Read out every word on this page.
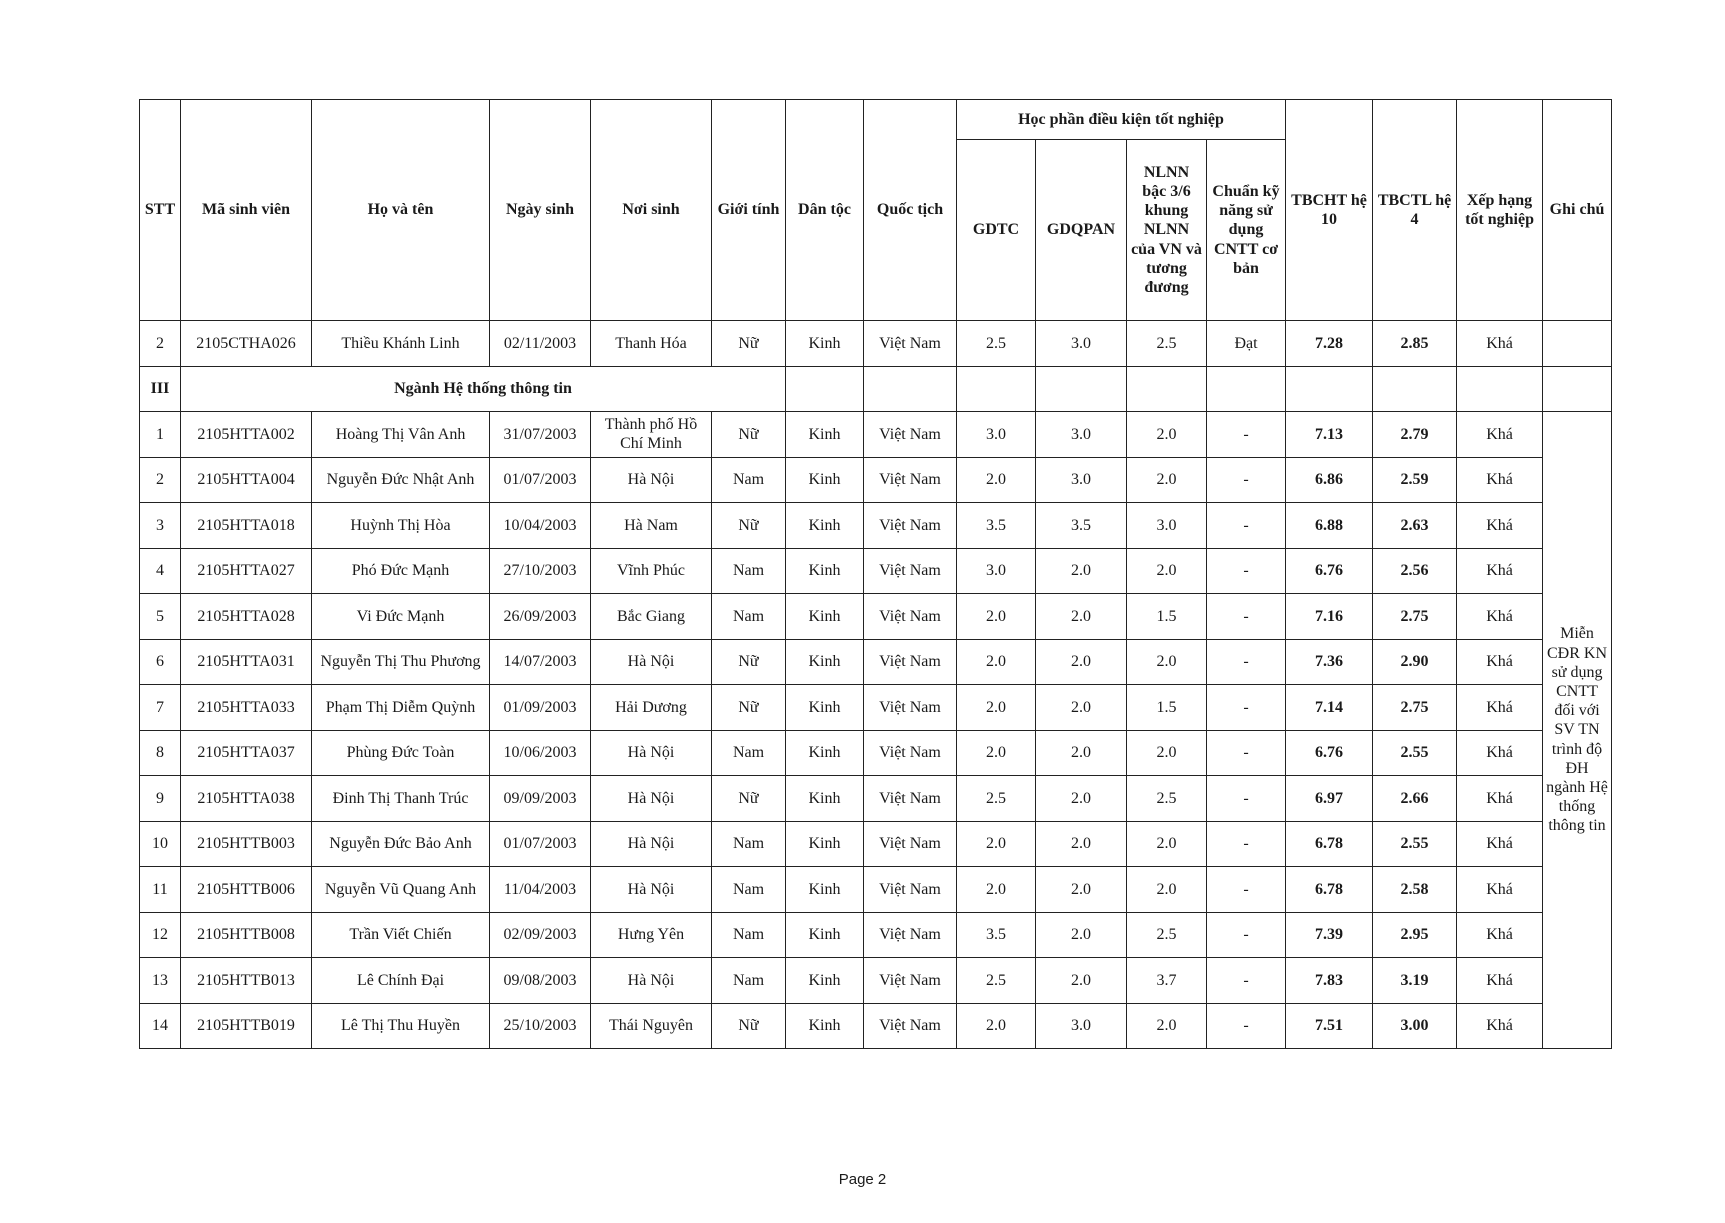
STT	Mã sinh viên	Họ và tên	Ngày sinh	Nơi sinh	Giới tính	Dân tộc	Quốc tịch	Học phần điều kiện tốt nghiệp				TBCHT hệ 10	TBCTL hệ 4	Xếp hạng tốt nghiệp	Ghi chú
								GDTC	GDQPAN	NLNN bậc 3/6 khung NLNN của VN và tương đương	Chuẩn kỹ năng sử dụng CNTT cơ bản				
2	2105CTHA026	Thiều Khánh Linh	02/11/2003	Thanh Hóa	Nữ	Kinh	Việt Nam	2.5	3.0	2.5	Đạt	7.28	2.85	Khá	
III	Ngành Hệ thống thông tin														
1	2105HTTA002	Hoàng Thị Vân Anh	31/07/2003	Thành phố Hồ Chí Minh	Nữ	Kinh	Việt Nam	3.0	3.0	2.0	-	7.13	2.79	Khá	Miễn CĐR KN sử dụng CNTT đối với SV TN trình độ ĐH ngành Hệ thống thông tin
2	2105HTTA004	Nguyễn Đức Nhật Anh	01/07/2003	Hà Nội	Nam	Kinh	Việt Nam	2.0	3.0	2.0	-	6.86	2.59	Khá	
3	2105HTTA018	Huỳnh Thị Hòa	10/04/2003	Hà Nam	Nữ	Kinh	Việt Nam	3.5	3.5	3.0	-	6.88	2.63	Khá	
4	2105HTTA027	Phó Đức Mạnh	27/10/2003	Vĩnh Phúc	Nam	Kinh	Việt Nam	3.0	2.0	2.0	-	6.76	2.56	Khá	
5	2105HTTA028	Vi Đức Mạnh	26/09/2003	Bắc Giang	Nam	Kinh	Việt Nam	2.0	2.0	1.5	-	7.16	2.75	Khá	
6	2105HTTA031	Nguyễn Thị Thu Phương	14/07/2003	Hà Nội	Nữ	Kinh	Việt Nam	2.0	2.0	2.0	-	7.36	2.90	Khá	
7	2105HTTA033	Phạm Thị Diễm Quỳnh	01/09/2003	Hải Dương	Nữ	Kinh	Việt Nam	2.0	2.0	1.5	-	7.14	2.75	Khá	
8	2105HTTA037	Phùng Đức Toàn	10/06/2003	Hà Nội	Nam	Kinh	Việt Nam	2.0	2.0	2.0	-	6.76	2.55	Khá	
9	2105HTTA038	Đinh Thị Thanh Trúc	09/09/2003	Hà Nội	Nữ	Kinh	Việt Nam	2.5	2.0	2.5	-	6.97	2.66	Khá	
10	2105HTTB003	Nguyễn Đức Bảo Anh	01/07/2003	Hà Nội	Nam	Kinh	Việt Nam	2.0	2.0	2.0	-	6.78	2.55	Khá	
11	2105HTTB006	Nguyễn Vũ Quang Anh	11/04/2003	Hà Nội	Nam	Kinh	Việt Nam	2.0	2.0	2.0	-	6.78	2.58	Khá	
12	2105HTTB008	Trần Viết Chiến	02/09/2003	Hưng Yên	Nam	Kinh	Việt Nam	3.5	2.0	2.5	-	7.39	2.95	Khá	
13	2105HTTB013	Lê Chính Đại	09/08/2003	Hà Nội	Nam	Kinh	Việt Nam	2.5	2.0	3.7	-	7.83	3.19	Khá	
14	2105HTTB019	Lê Thị Thu Huyền	25/10/2003	Thái Nguyên	Nữ	Kinh	Việt Nam	2.0	3.0	2.0	-	7.51	3.00	Khá	
Page 2
